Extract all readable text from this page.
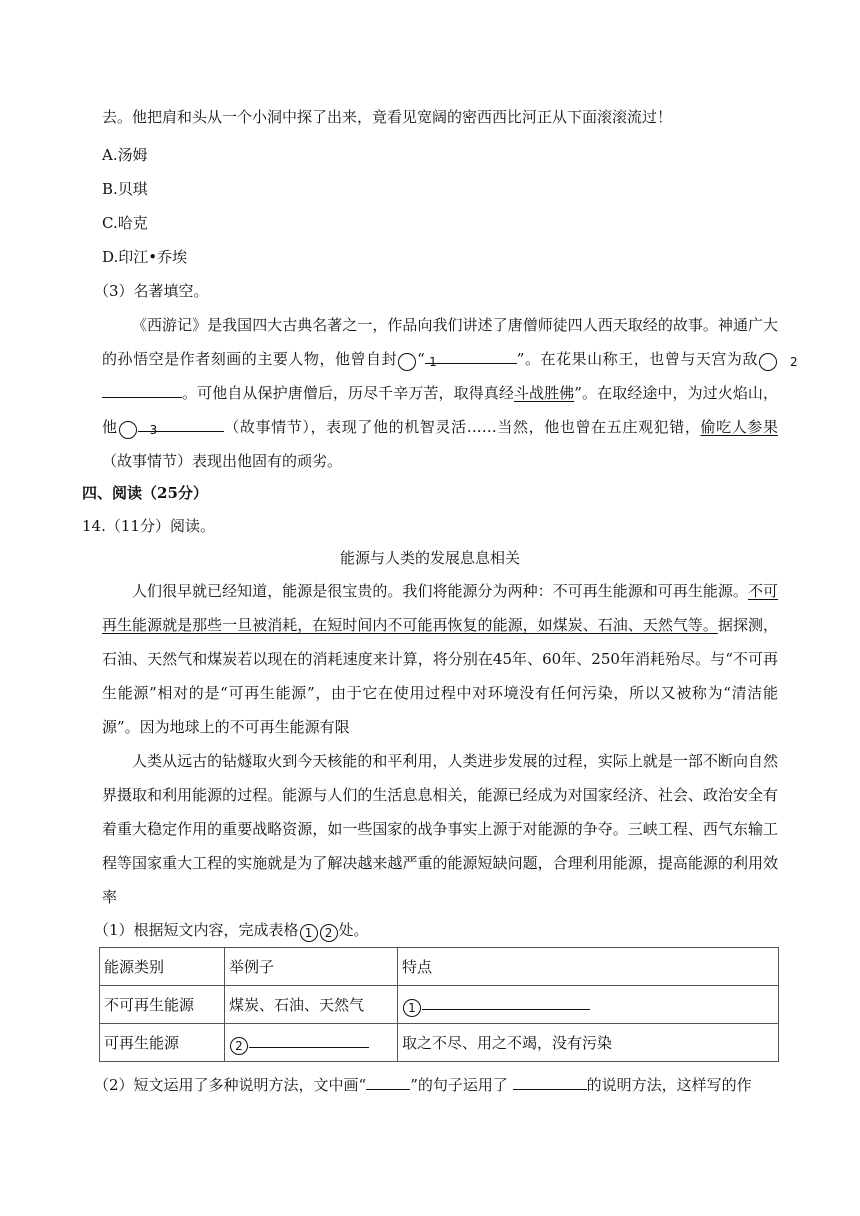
去。他把肩和头从一个小洞中探了出来，竟看见宽阔的密西西比河正从下面滚滚流过！
A.汤姆
B.贝琪
C.哈克
D.印江•乔埃
（3）名著填空。
《西游记》是我国四大古典名著之一，作品向我们讲述了唐僧师徒四人西天取经的故事。神通广大的孙悟空是作者刻画的主要人物，他曾自封	1“	”。在花果山称王，也曾与天宫为敌	2。可他自从保护唐僧后，历尽千辛万苦，取得真经斗战胜佛”。在取经途中，为过火焰山，他	3	（故事情节），表现了他的机智灵活……当然，他也曾在五庄观犯错，偷吃人参果（故事情节）表现出他固有的顽劣。
四、阅读（25分）
14.（11分）阅读。
能源与人类的发展息息相关
人们很早就已经知道，能源是很宝贵的。我们将能源分为两种：不可再生能源和可再生能源。不可再生能源就是那些一旦被消耗，在短时间内不可能再恢复的能源，如煤炭、石油、天然气等。据探测，石油、天然气和煤炭若以现在的消耗速度来计算，将分别在45年、60年、250年消耗殆尽。与“不可再生能源”相对的是“可再生能源”，由于它在使用过程中对环境没有任何污染，所以又被称为“清洁能源”。因为地球上的不可再生能源有限
人类从远古的钻燧取火到今天核能的和平利用，人类进步发展的过程，实际上就是一部不断向自然界摄取和利用能源的过程。能源与人们的生活息息相关，能源已经成为对国家经济、社会、政治安全有着重大稳定作用的重要战略资源，如一些国家的战争事实上源于对能源的争夺。三峡工程、西气东输工程等国家重大工程的实施就是为了解决越来越严重的能源短缺问题，合理利用能源，提高能源的利用效率
（1）根据短文内容，完成表格 1 2 处。
能源类别	举例子	特点
不可再生能源	煤炭、石油、天然气	1
可再生能源	2	取之不尽、用之不竭，没有污染
（2）短文运用了多种说明方法，文中画“	”的句子运用了	的说明方法，这样写的作
